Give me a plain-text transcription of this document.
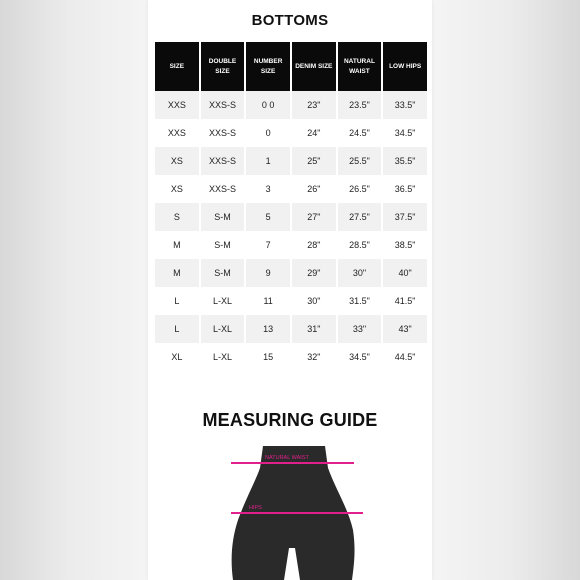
BOTTOMS
SIZE	DOUBLE SIZE	NUMBER SIZE	DENIM SIZE	NATURAL WAIST	LOW HIPS
XXS	XXS-S	0 0	23"	23.5"	33.5"
XXS	XXS-S	0	24"	24.5"	34.5"
XS	XXS-S	1	25"	25.5"	35.5"
XS	XXS-S	3	26"	26.5"	36.5"
S	S-M	5	27"	27.5"	37.5"
M	S-M	7	28"	28.5"	38.5"
M	S-M	9	29"	30"	40"
L	L-XL	11	30"	31.5"	41.5"
L	L-XL	13	31"	33"	43"
XL	L-XL	15	32"	34.5"	44.5"
MEASURING GUIDE
NATURAL WAIST
HIPS
